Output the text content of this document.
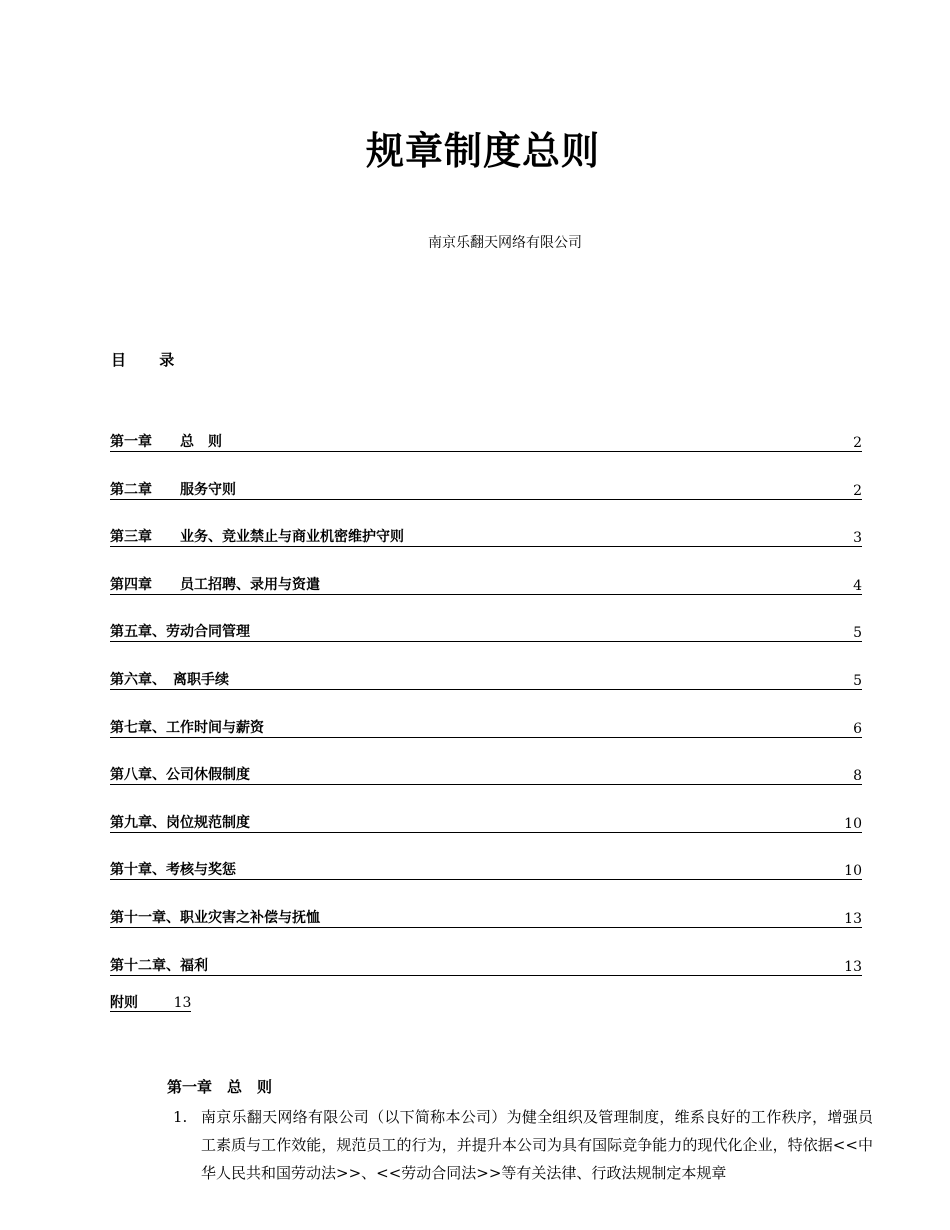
规章制度总则
南京乐翻天网络有限公司
目 录
第一章　　总　则	2
第二章　　服务守则	2
第三章　　业务、竞业禁止与商业机密维护守则	3
第四章　　员工招聘、录用与资遣	4
第五章、劳动合同管理	5
第六章、　离职手续	5
第七章、工作时间与薪资	6
第八章、公司休假制度	8
第九章、岗位规范制度	10
第十章、考核与奖惩	10
第十一章、职业灾害之补偿与抚恤	13
第十二章、福利	13
附则	13
第一章　总　则
1. 南京乐翻天网络有限公司（以下简称本公司）为健全组织及管理制度，维系良好的工作秩序，增强员工素质与工作效能，规范员工的行为，并提升本公司为具有国际竞争能力的现代化企业，特依据<<中华人民共和国劳动法>>、<<劳动合同法>>等有关法律、行政法规制定本规章
